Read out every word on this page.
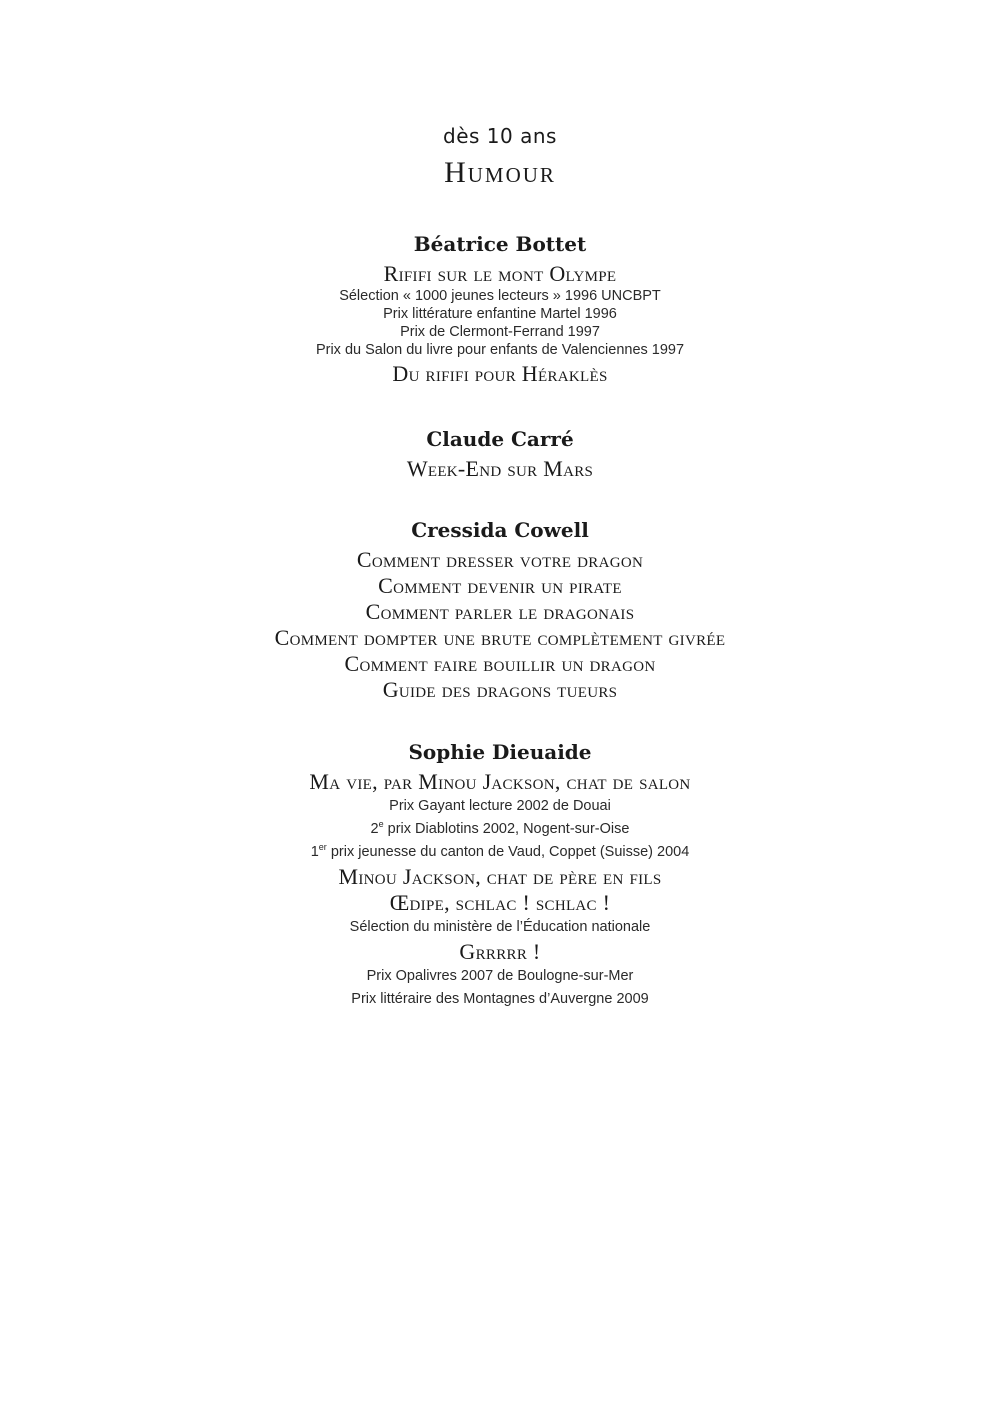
dès 10 ans
Humour
Béatrice Bottet
Rififi sur le mont Olympe
Sélection « 1000 jeunes lecteurs » 1996 UNCBPT
Prix littérature enfantine Martel 1996
Prix de Clermont-Ferrand 1997
Prix du Salon du livre pour enfants de Valenciennes 1997
Du rififi pour Héraklès
Claude Carré
Week-End sur Mars
Cressida Cowell
Comment dresser votre dragon
Comment devenir un pirate
Comment parler le dragonais
Comment dompter une brute complètement givrée
Comment faire bouillir un dragon
Guide des dragons tueurs
Sophie Dieuaide
Ma vie, par Minou Jackson, chat de salon
Prix Gayant lecture 2002 de Douai
2e prix Diablotins 2002, Nogent-sur-Oise
1er prix jeunesse du canton de Vaud, Coppet (Suisse) 2004
Minou Jackson, chat de père en fils
Œdipe, schlac ! schlac !
Sélection du ministère de l’Éducation nationale
Grrrrr !
Prix Opalivres 2007 de Boulogne-sur-Mer
Prix littéraire des Montagnes d’Auvergne 2009
